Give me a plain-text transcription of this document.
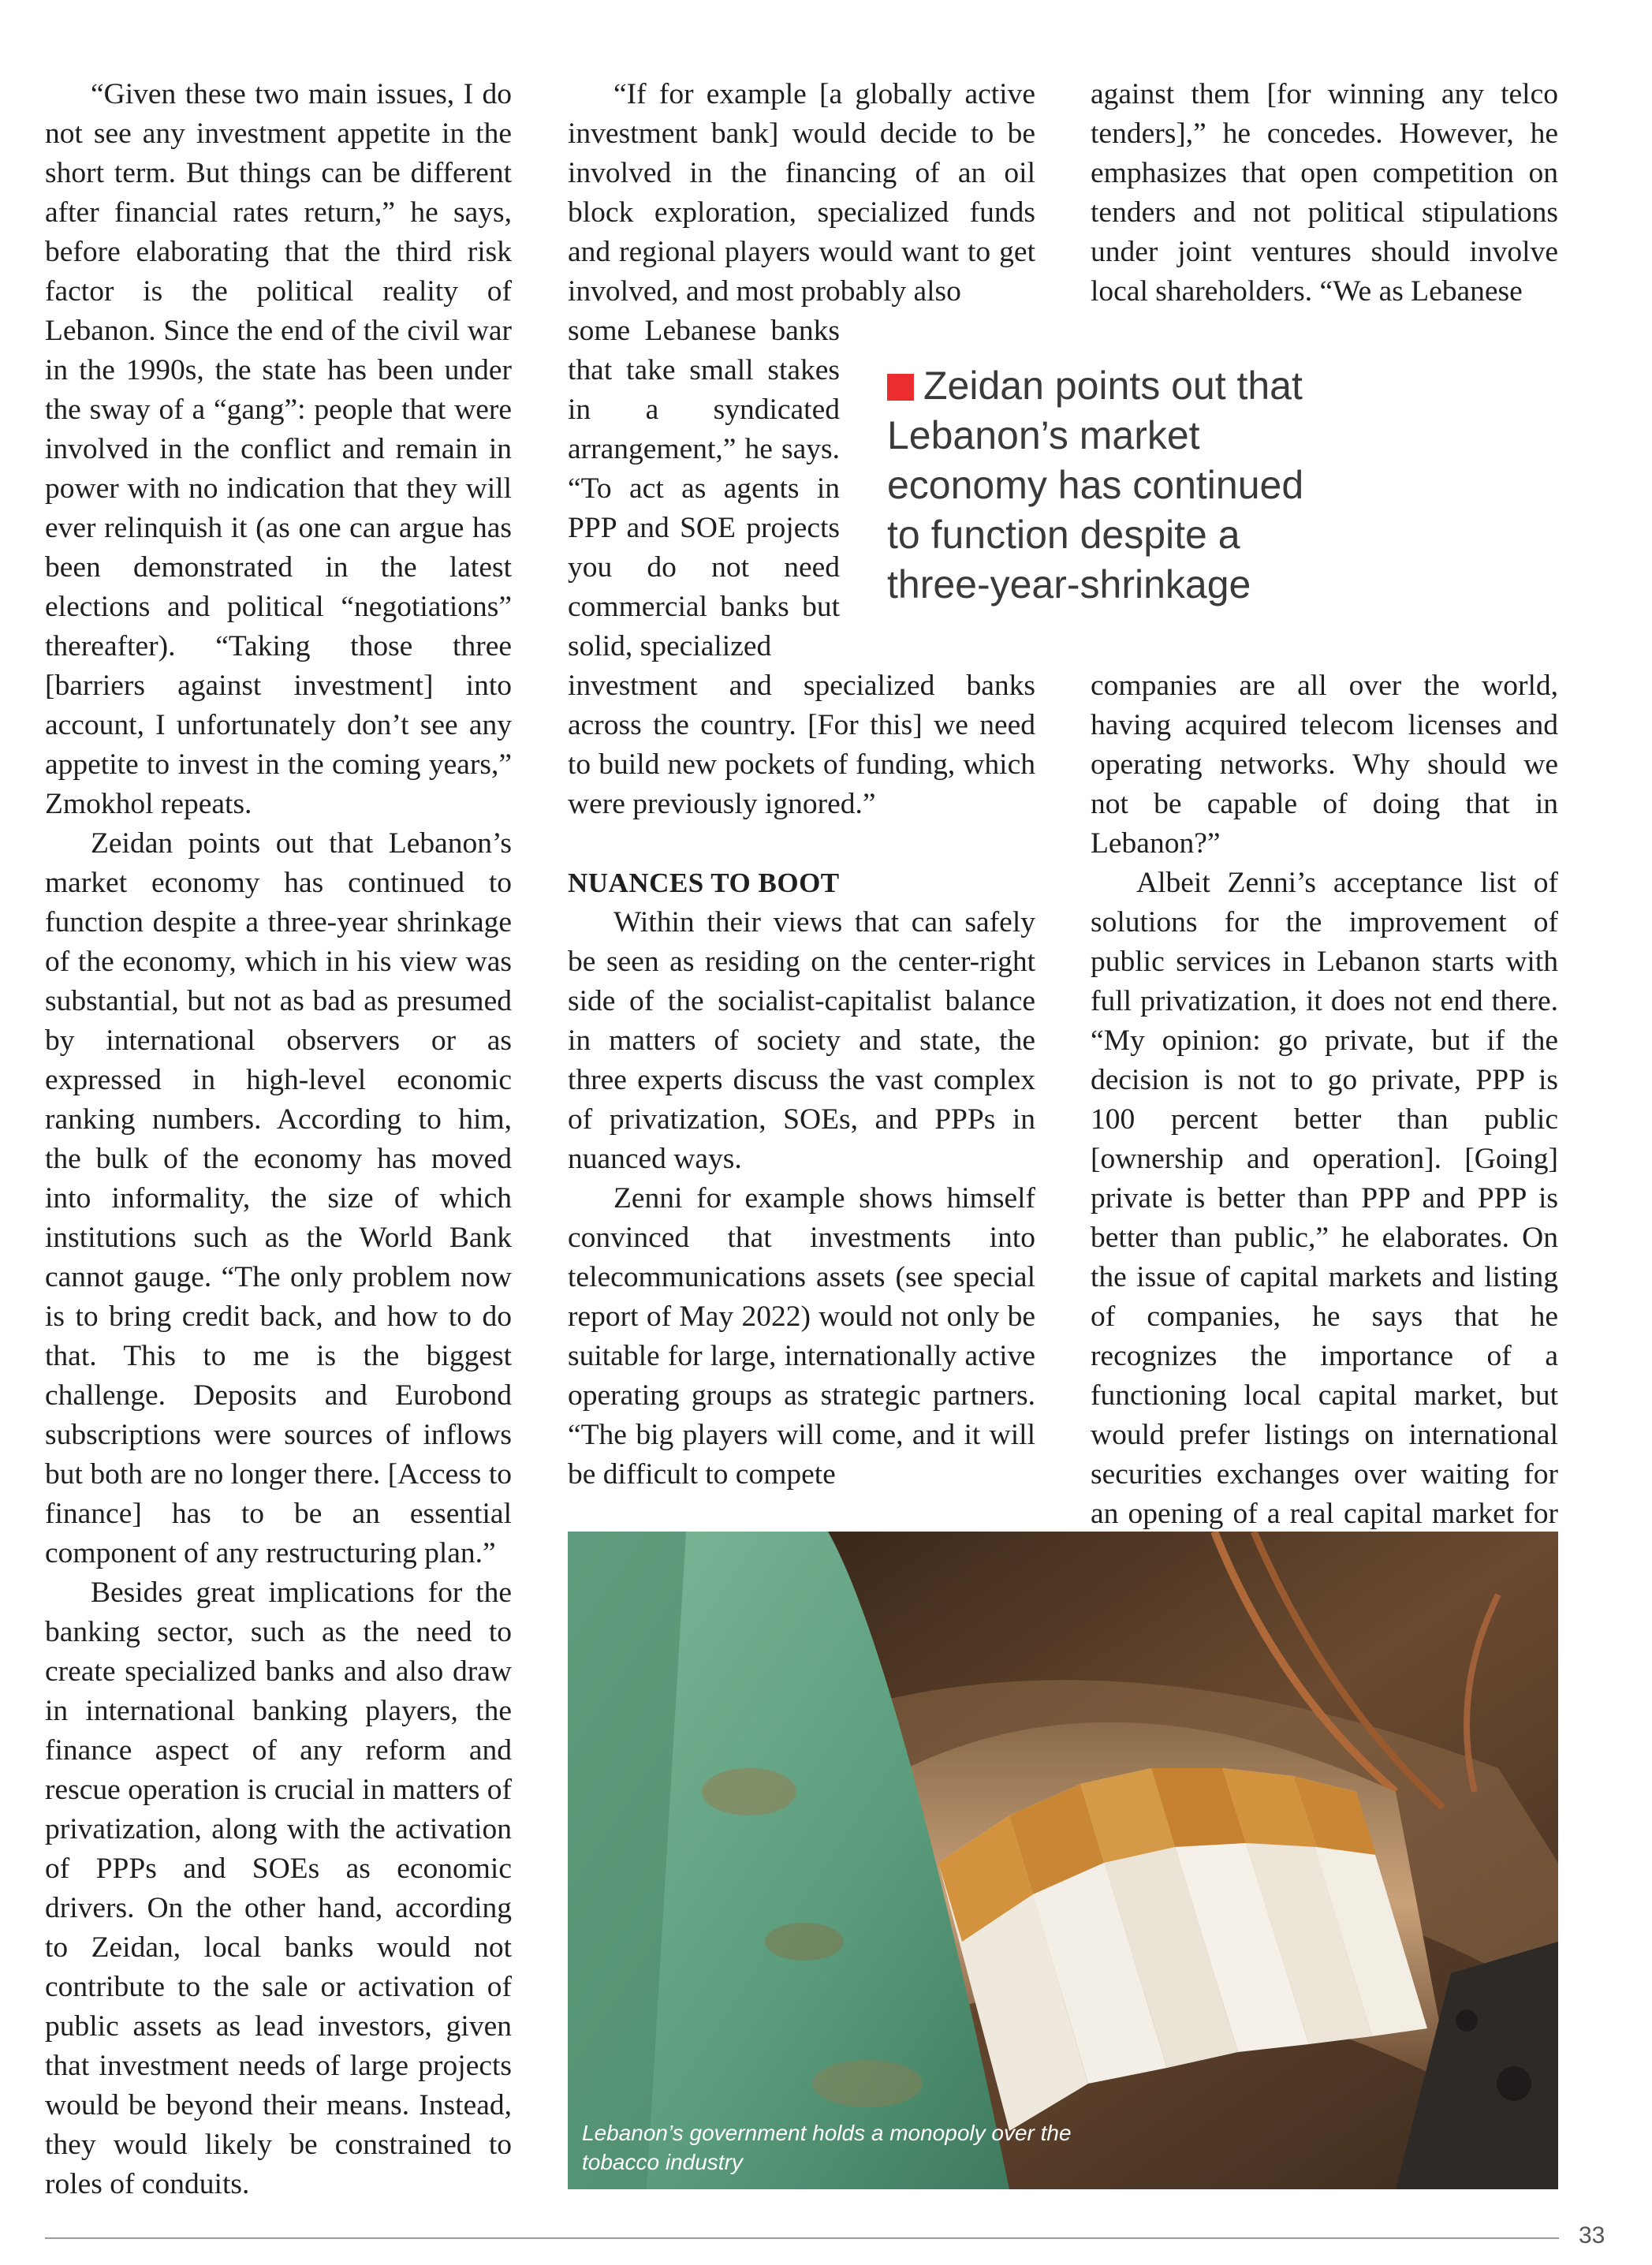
“Given these two main issues, I do not see any investment appetite in the short term. But things can be different after financial rates return,” he says, before elaborating that the third risk factor is the political reality of Lebanon. Since the end of the civil war in the 1990s, the state has been under the sway of a “gang”: people that were involved in the conflict and remain in power with no indication that they will ever relinquish it (as one can argue has been demonstrated in the latest elections and political “negotiations” thereafter). “Taking those three [barriers against investment] into account, I unfortunately don’t see any appetite to invest in the coming years,” Zmokhol repeats.

Zeidan points out that Lebanon’s market economy has continued to function despite a three-year shrinkage of the economy, which in his view was substantial, but not as bad as presumed by international observers or as expressed in high-level economic ranking numbers. According to him, the bulk of the economy has moved into informality, the size of which institutions such as the World Bank cannot gauge. “The only problem now is to bring credit back, and how to do that. This to me is the biggest challenge. Deposits and Eurobond subscriptions were sources of inflows but both are no longer there. [Access to finance] has to be an essential component of any restructuring plan.”

Besides great implications for the banking sector, such as the need to create specialized banks and also draw in international banking players, the finance aspect of any reform and rescue operation is crucial in matters of privatization, along with the activation of PPPs and SOEs as economic drivers. On the other hand, according to Zeidan, local banks would not contribute to the sale or activation of public assets as lead investors, given that investment needs of large projects would be beyond their means. Instead, they would likely be constrained to roles of conduits.

“If for example [a globally active investment bank] would decide to be involved in the financing of an oil block exploration, specialized funds and regional players would want to get involved, and most probably also

some Lebanese banks that take small stakes in a syndicated arrangement,” he says. “To act as agents in PPP and SOE projects you do not need commercial banks but solid, specialized

Zeidan points out that Lebanon’s market economy has continued to function despite a three-year-shrinkage

investment and specialized banks across the country. [For this] we need to build new pockets of funding, which were previously ignored.”

NUANCES TO BOOT

Within their views that can safely be seen as residing on the center-right side of the socialist-capitalist balance in matters of society and state, the three experts discuss the vast complex of privatization, SOEs, and PPPs in nuanced ways.

Zenni for example shows himself convinced that investments into telecommunications assets (see special report of May 2022) would not only be suitable for large, internationally active operating groups as strategic partners. “The big players will come, and it will be difficult to compete

against them [for winning any telco tenders],” he concedes. However, he emphasizes that open competition on tenders and not political stipulations under joint ventures should involve local shareholders. “We as Lebanese

companies are all over the world, having acquired telecom licenses and operating networks. Why should we not be capable of doing that in Lebanon?”

Albeit Zenni’s acceptance list of solutions for the improvement of public services in Lebanon starts with full privatization, it does not end there. “My opinion: go private, but if the decision is not to go private, PPP is 100 percent better than public [ownership and operation]. [Going] private is better than PPP and PPP is better than public,” he elaborates. On the issue of capital markets and listing of companies, he says that he recognizes the importance of a functioning local capital market, but would prefer listings on international securities exchanges over waiting for an opening of a real capital market for

Lebanon’s government holds a monopoly over the tobacco industry
33
